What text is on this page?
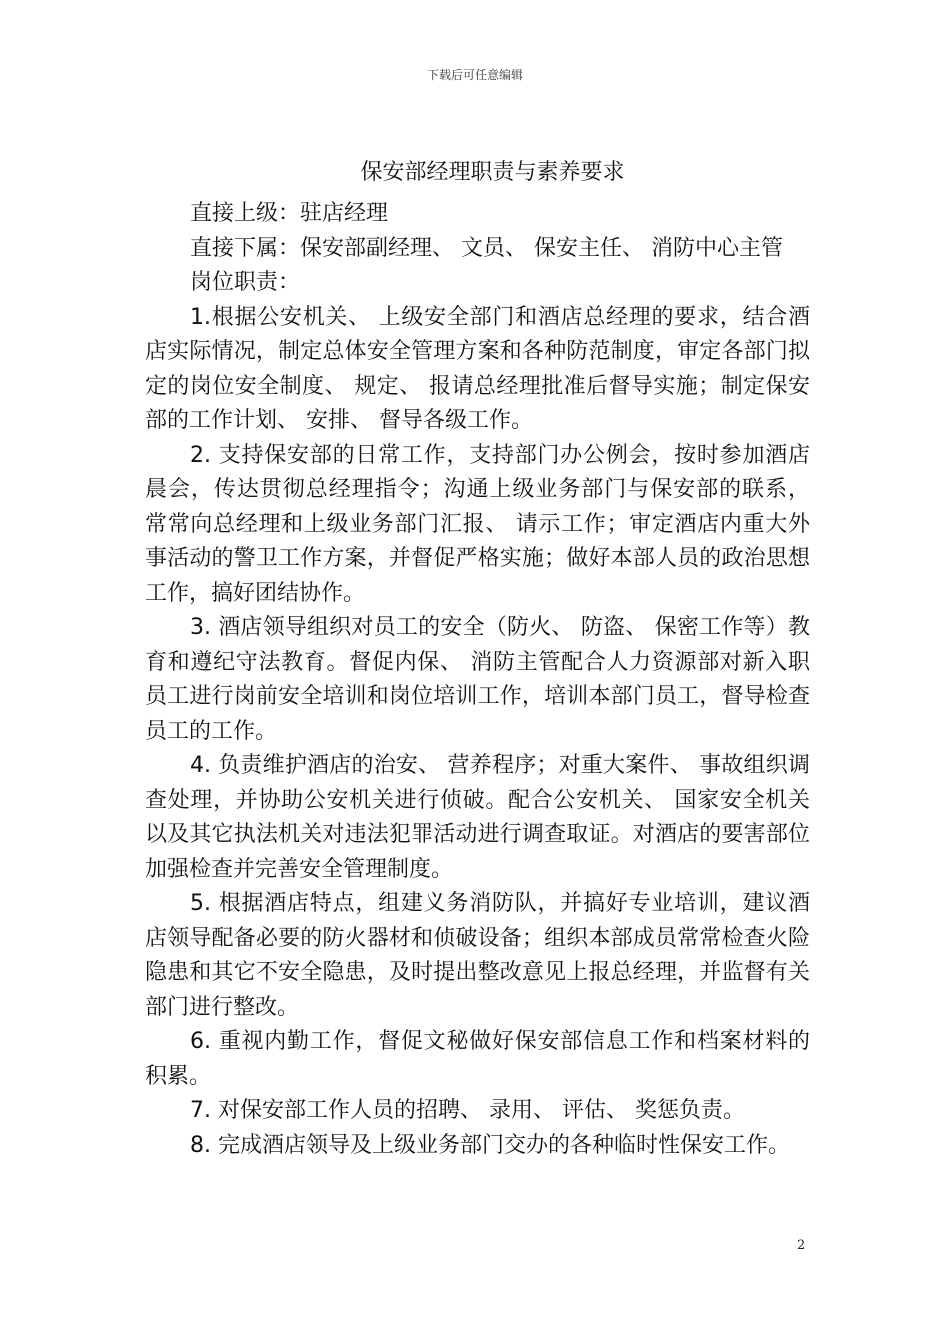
下载后可任意编辑
保安部经理职责与素养要求

直接上级：驻店经理

直接下属：保安部副经理、 文员、 保安主任、 消防中心主管

岗位职责：

1.根据公安机关、 上级安全部门和酒店总经理的要求，结合酒店实际情况，制定总体安全管理方案和各种防范制度，审定各部门拟定的岗位安全制度、 规定、 报请总经理批准后督导实施；制定保安部的工作计划、 安排、 督导各级工作。

2. 支持保安部的日常工作，支持部门办公例会，按时参加酒店晨会，传达贯彻总经理指令；沟通上级业务部门与保安部的联系， 常常向总经理和上级业务部门汇报、 请示工作；审定酒店内重大外事活动的警卫工作方案，并督促严格实施；做好本部人员的政治思想工作，搞好团结协作。

3. 酒店领导组织对员工的安全（防火、 防盗、 保密工作等）教育和遵纪守法教育。督促内保、 消防主管配合人力资源部对新入职员工进行岗前安全培训和岗位培训工作，培训本部门员工，督导检查员工的工作。

4. 负责维护酒店的治安、 营养程序；对重大案件、 事故组织调查处理，并协助公安机关进行侦破。配合公安机关、 国家安全机关以及其它执法机关对违法犯罪活动进行调查取证。对酒店的要害部位加强检查并完善安全管理制度。

5. 根据酒店特点，组建义务消防队，并搞好专业培训，建议酒店领导配备必要的防火器材和侦破设备；组织本部成员常常检查火险隐患和其它不安全隐患，及时提出整改意见上报总经理，并监督有关部门进行整改。

6. 重视内勤工作，督促文秘做好保安部信息工作和档案材料的积累。

7. 对保安部工作人员的招聘、 录用、 评估、 奖惩负责。

8. 完成酒店领导及上级业务部门交办的各种临时性保安工作。

2
